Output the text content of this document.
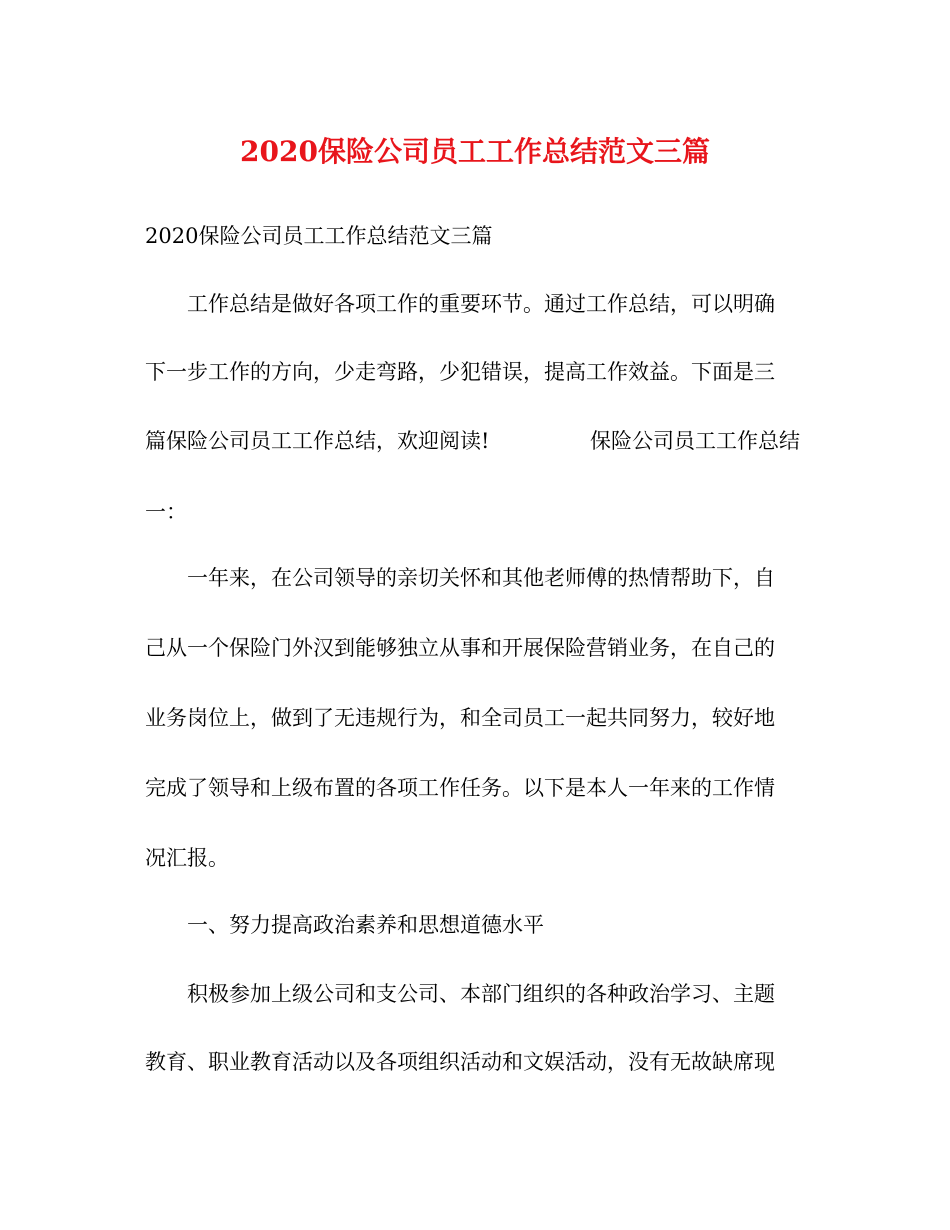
2020保险公司员工工作总结范文三篇
2020保险公司员工工作总结范文三篇
工作总结是做好各项工作的重要环节。通过工作总结，可以明确
下一步工作的方向，少走弯路，少犯错误，提高工作效益。下面是三
篇保险公司员工工作总结，欢迎阅读!	保险公司员工工作总结
一：
一年来，在公司领导的亲切关怀和其他老师傅的热情帮助下，自
己从一个保险门外汉到能够独立从事和开展保险营销业务，在自己的
业务岗位上，做到了无违规行为，和全司员工一起共同努力，较好地
完成了领导和上级布置的各项工作任务。以下是本人一年来的工作情
况汇报。
一、努力提高政治素养和思想道德水平
积极参加上级公司和支公司、本部门组织的各种政治学习、主题
教育、职业教育活动以及各项组织活动和文娱活动，没有无故缺席现
